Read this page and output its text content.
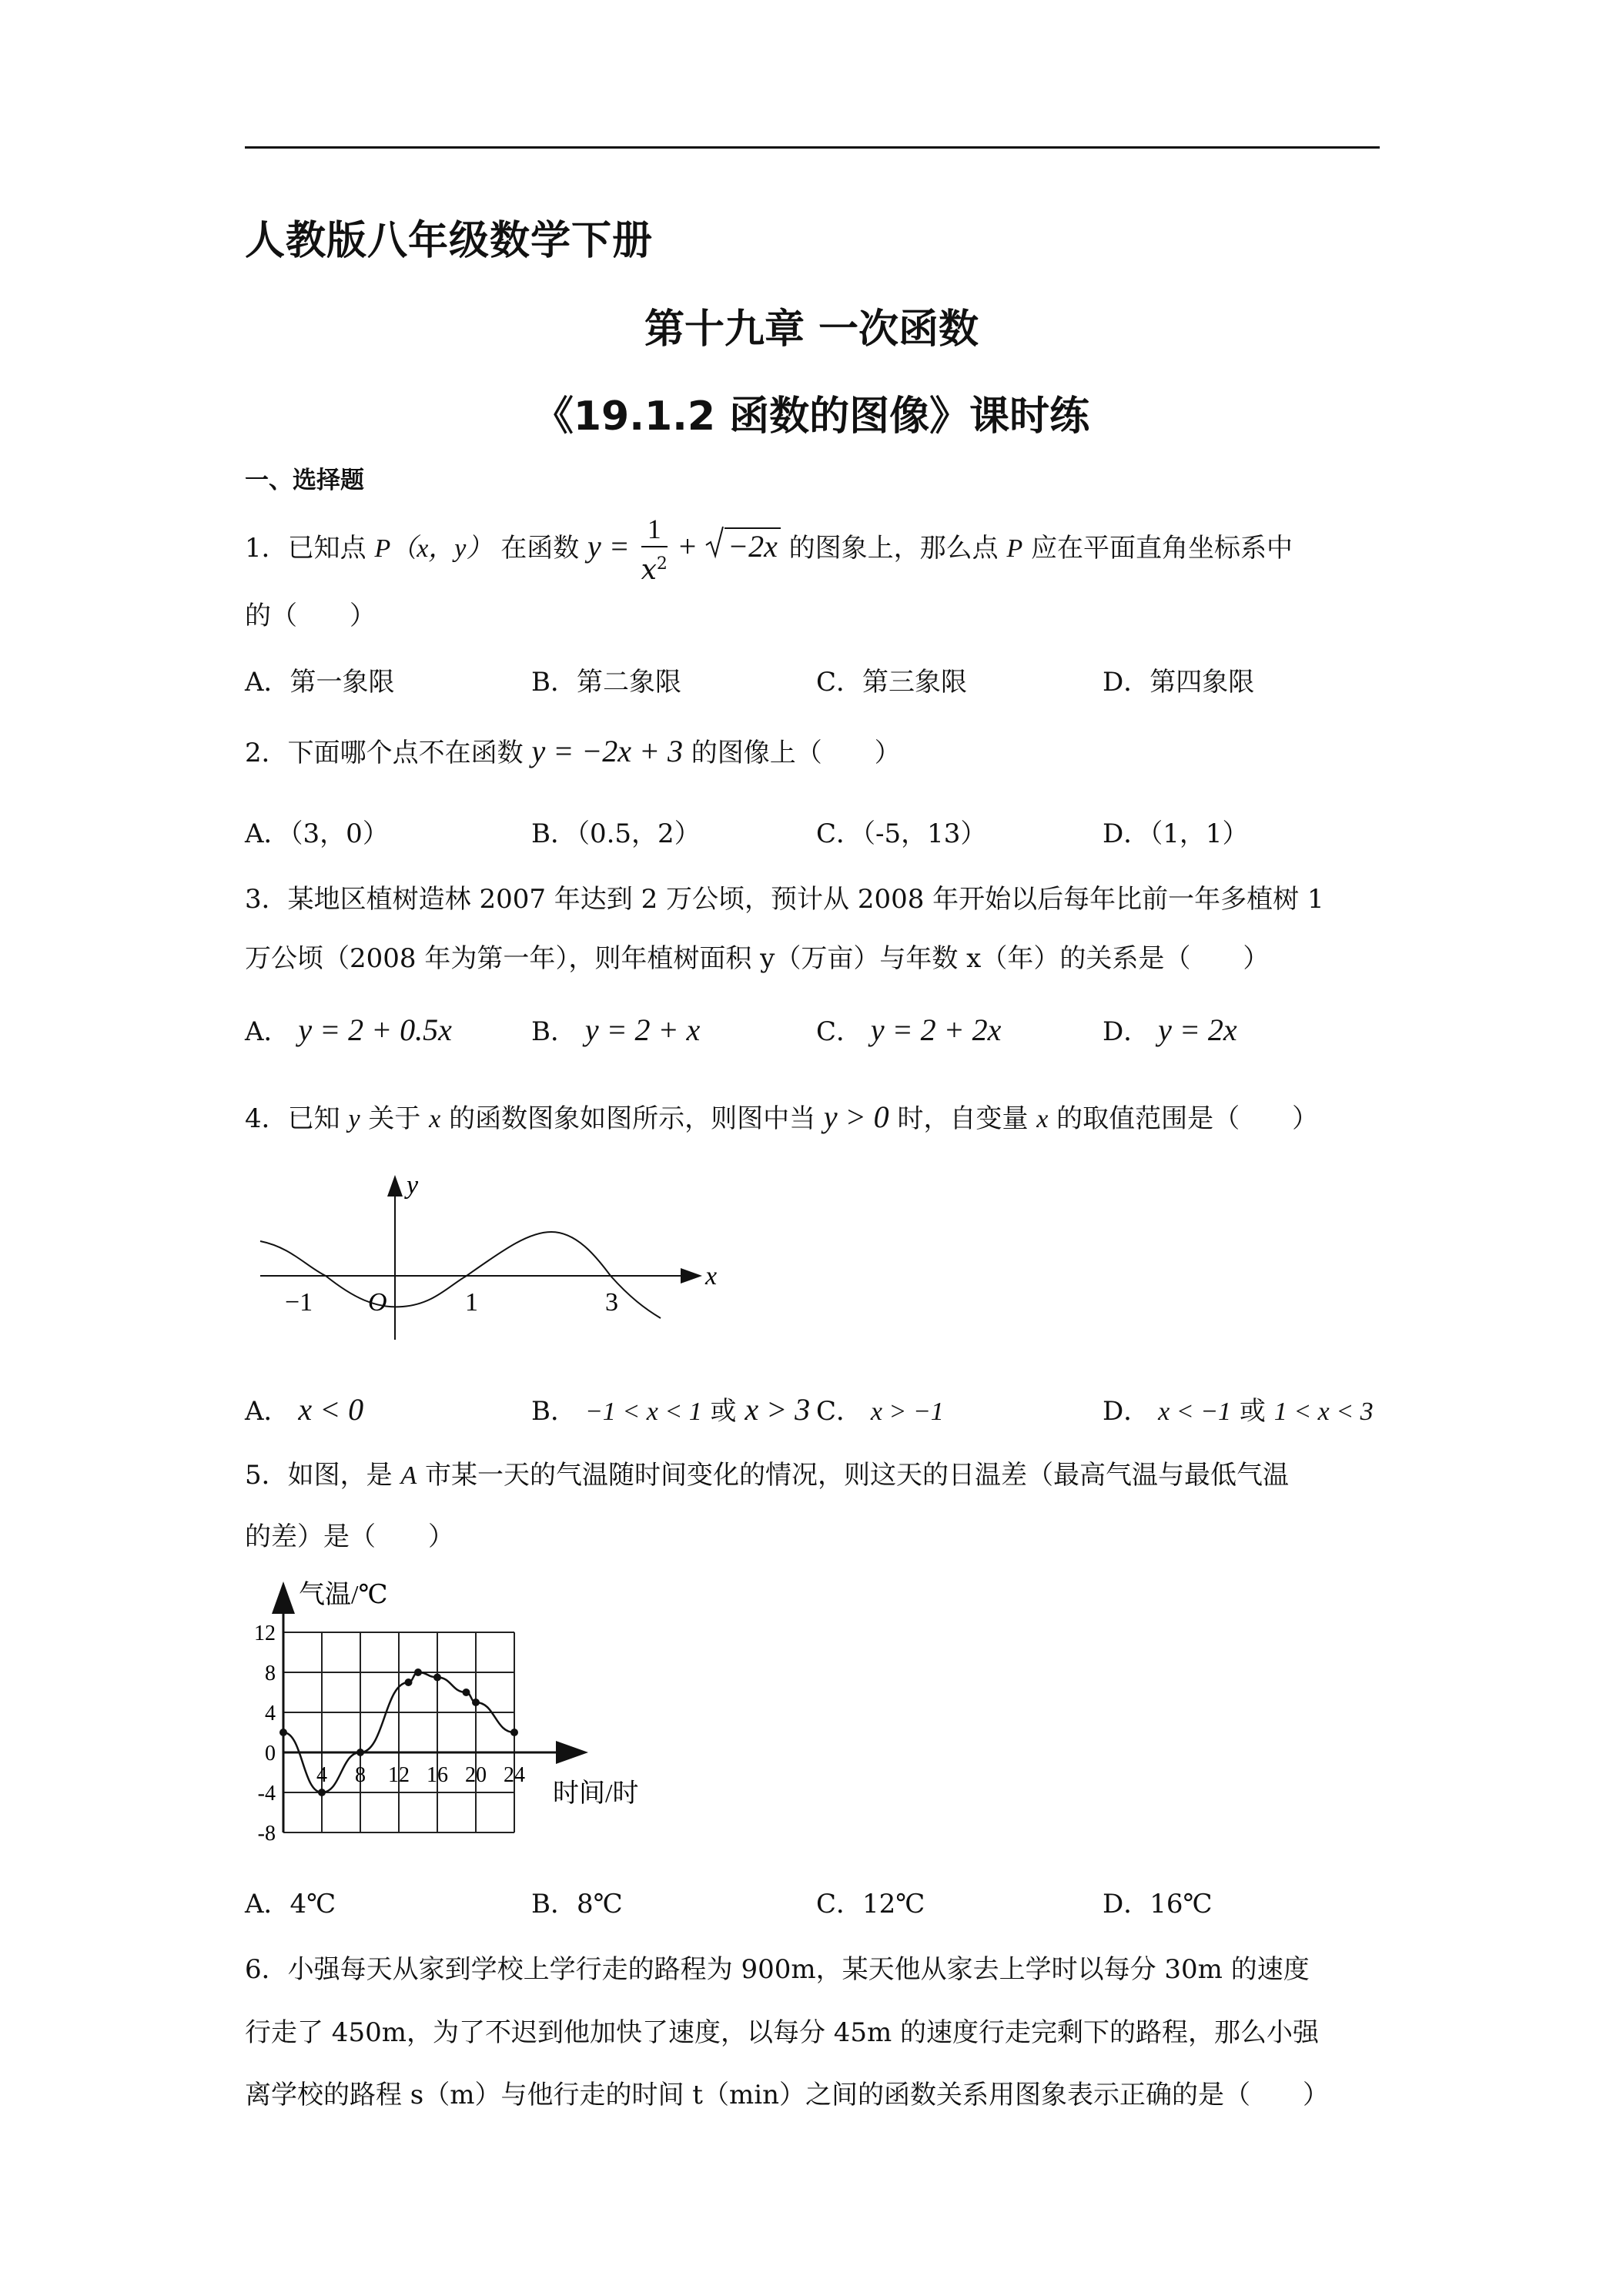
人教版八年级数学下册
第十九章 一次函数
《19.1.2 函数的图像》课时练
一、选择题
1．已知点 P（x，y） 在函数 $y = \frac{1}{x^2} + -2x$ 的图象上，那么点 P 应在平面直角坐标系中
的（　　）
A．第一象限	B．第二象限	C．第三象限	D．第四象限
2．下面哪个点不在函数 y = −2x + 3 的图像上（　　）
A．（3，0）	B．（0.5，2）	C．（-5，13）	D．（1，1）
3．某地区植树造林 2007 年达到 2 万公顷，预计从 2008 年开始以后每年比前一年多植树 1
万公顷（2008 年为第一年），则年植树面积 y（万亩）与年数 x（年）的关系是（　　）
A． y = 2 + 0.5x	B． y = 2 + x	C． y = 2 + 2x	D． y = 2x
4．已知 y 关于 x 的函数图象如图所示，则图中当 y > 0 时，自变量 x 的取值范围是（　　）
x
y
O
−1	1	3
A． x < 0	B． −1 < x < 1 或 x > 3 C． x > −1	D． x < −1 或 1 < x < 3
5．如图，是 A 市某一天的气温随时间变化的情况，则这天的日温差（最高气温与最低气温
的差）是（　　）
12
8
4
0
-4
-8
4 8 12 16 20 24
气温/℃
时间/时
A．4℃	B．8℃	C．12℃	D．16℃
6．小强每天从家到学校上学行走的路程为 900m，某天他从家去上学时以每分 30m 的速度
行走了 450m，为了不迟到他加快了速度，以每分 45m 的速度行走完剩下的路程，那么小强
离学校的路程 s（m）与他行走的时间 t（min）之间的函数关系用图象表示正确的是（　　）
